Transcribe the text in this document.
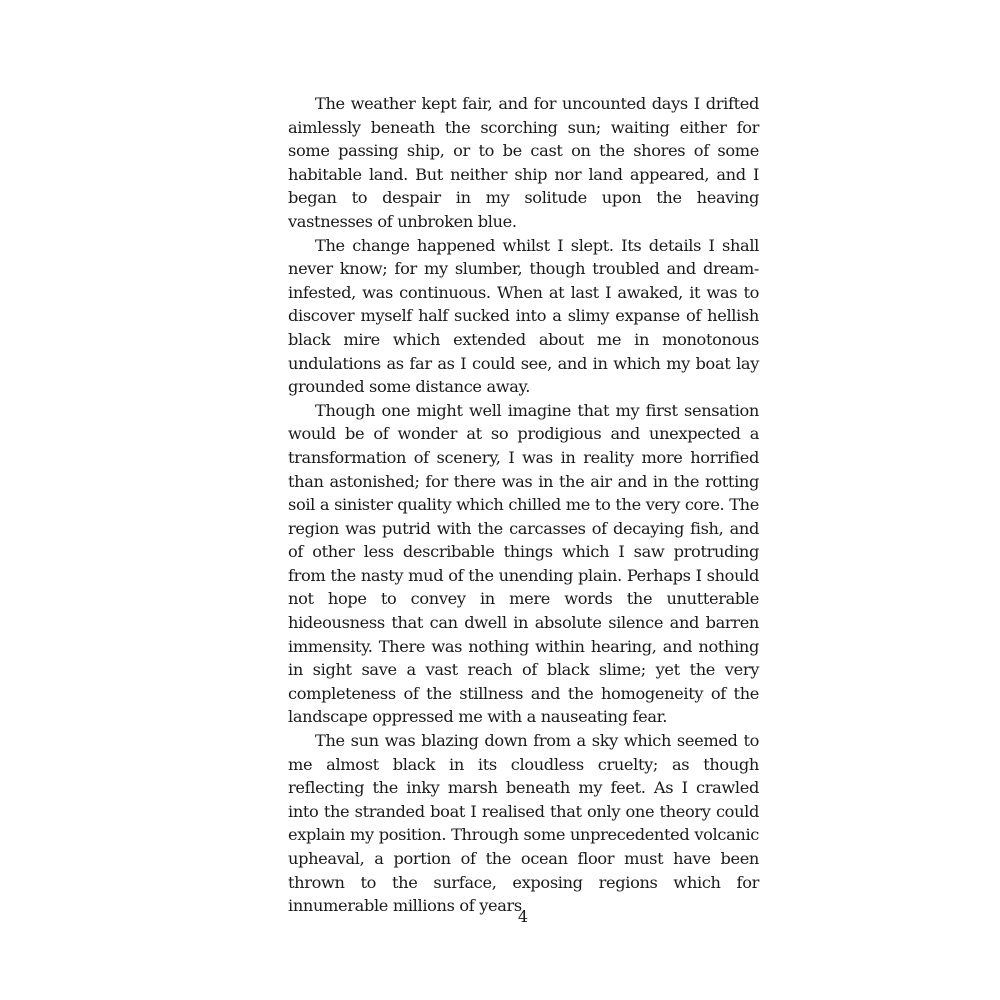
The weather kept fair, and for uncounted days I drifted aimlessly beneath the scorching sun; waiting either for some passing ship, or to be cast on the shores of some habitable land. But neither ship nor land appeared, and I began to despair in my solitude upon the heaving vastnesses of unbroken blue.

The change happened whilst I slept. Its details I shall never know; for my slumber, though troubled and dream-infested, was continuous. When at last I awaked, it was to discover myself half sucked into a slimy expanse of hellish black mire which extended about me in monotonous undulations as far as I could see, and in which my boat lay grounded some distance away.

Though one might well imagine that my first sensation would be of wonder at so prodigious and unexpected a transformation of scenery, I was in reality more horrified than astonished; for there was in the air and in the rotting soil a sinister quality which chilled me to the very core. The region was putrid with the carcasses of decaying fish, and of other less describable things which I saw protruding from the nasty mud of the unending plain. Perhaps I should not hope to convey in mere words the unutterable hideousness that can dwell in absolute silence and barren immensity. There was nothing within hearing, and nothing in sight save a vast reach of black slime; yet the very completeness of the stillness and the homogeneity of the landscape oppressed me with a nauseating fear.

The sun was blazing down from a sky which seemed to me almost black in its cloudless cruelty; as though reflecting the inky marsh beneath my feet. As I crawled into the stranded boat I realised that only one theory could explain my position. Through some unprecedented volcanic upheaval, a portion of the ocean floor must have been thrown to the surface, exposing regions which for innumerable millions of years

4
